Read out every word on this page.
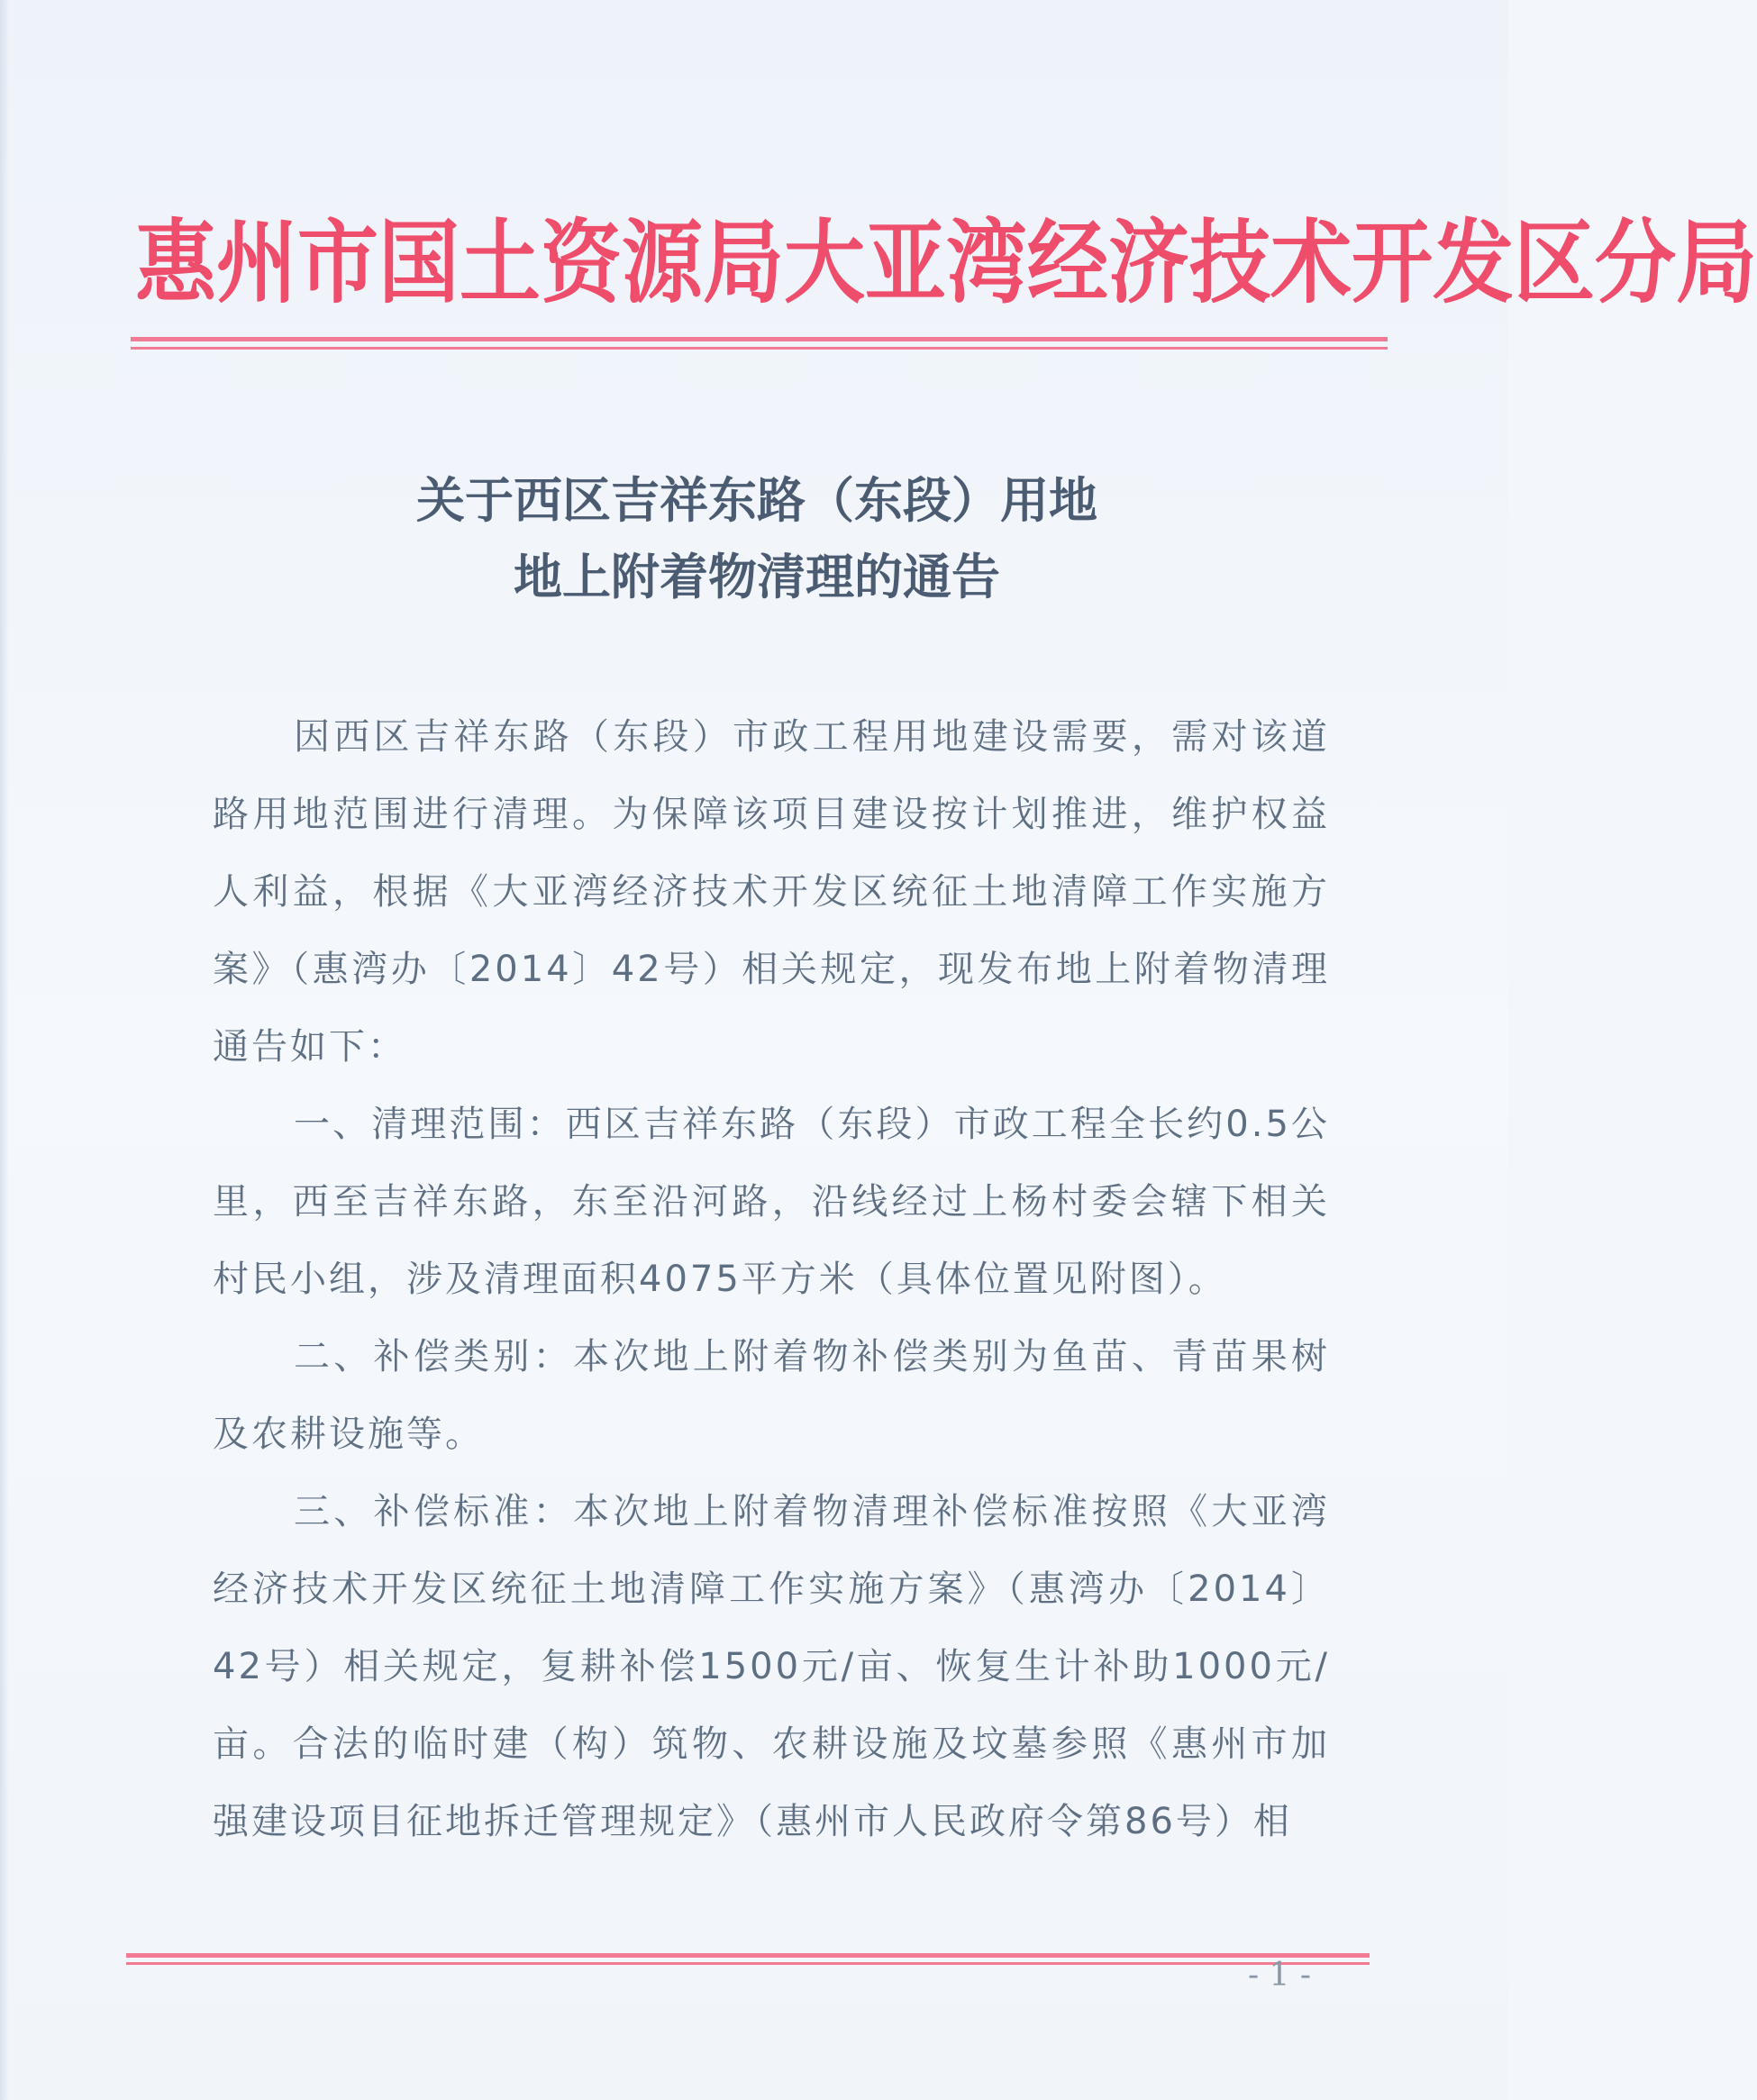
惠州市国土资源局大亚湾经济技术开发区分局
关于西区吉祥东路（东段）用地
地上附着物清理的通告

因西区吉祥东路（东段）市政工程用地建设需要，需对该道路用地范围进行清理。为保障该项目建设按计划推进，维护权益人利益，根据《大亚湾经济技术开发区统征土地清障工作实施方案》（惠湾办〔2014〕42号）相关规定，现发布地上附着物清理通告如下：

一、清理范围：西区吉祥东路（东段）市政工程全长约0.5公里，西至吉祥东路，东至沿河路，沿线经过上杨村委会辖下相关村民小组，涉及清理面积4075平方米（具体位置见附图）。

二、补偿类别：本次地上附着物补偿类别为鱼苗、青苗果树及农耕设施等。

三、补偿标准：本次地上附着物清理补偿标准按照《大亚湾经济技术开发区统征土地清障工作实施方案》（惠湾办〔2014〕42号）相关规定，复耕补偿1500元/亩、恢复生计补助1000元/亩。合法的临时建（构）筑物、农耕设施及坟墓参照《惠州市加强建设项目征地拆迁管理规定》（惠州市人民政府令第86号）相

- 1 -
